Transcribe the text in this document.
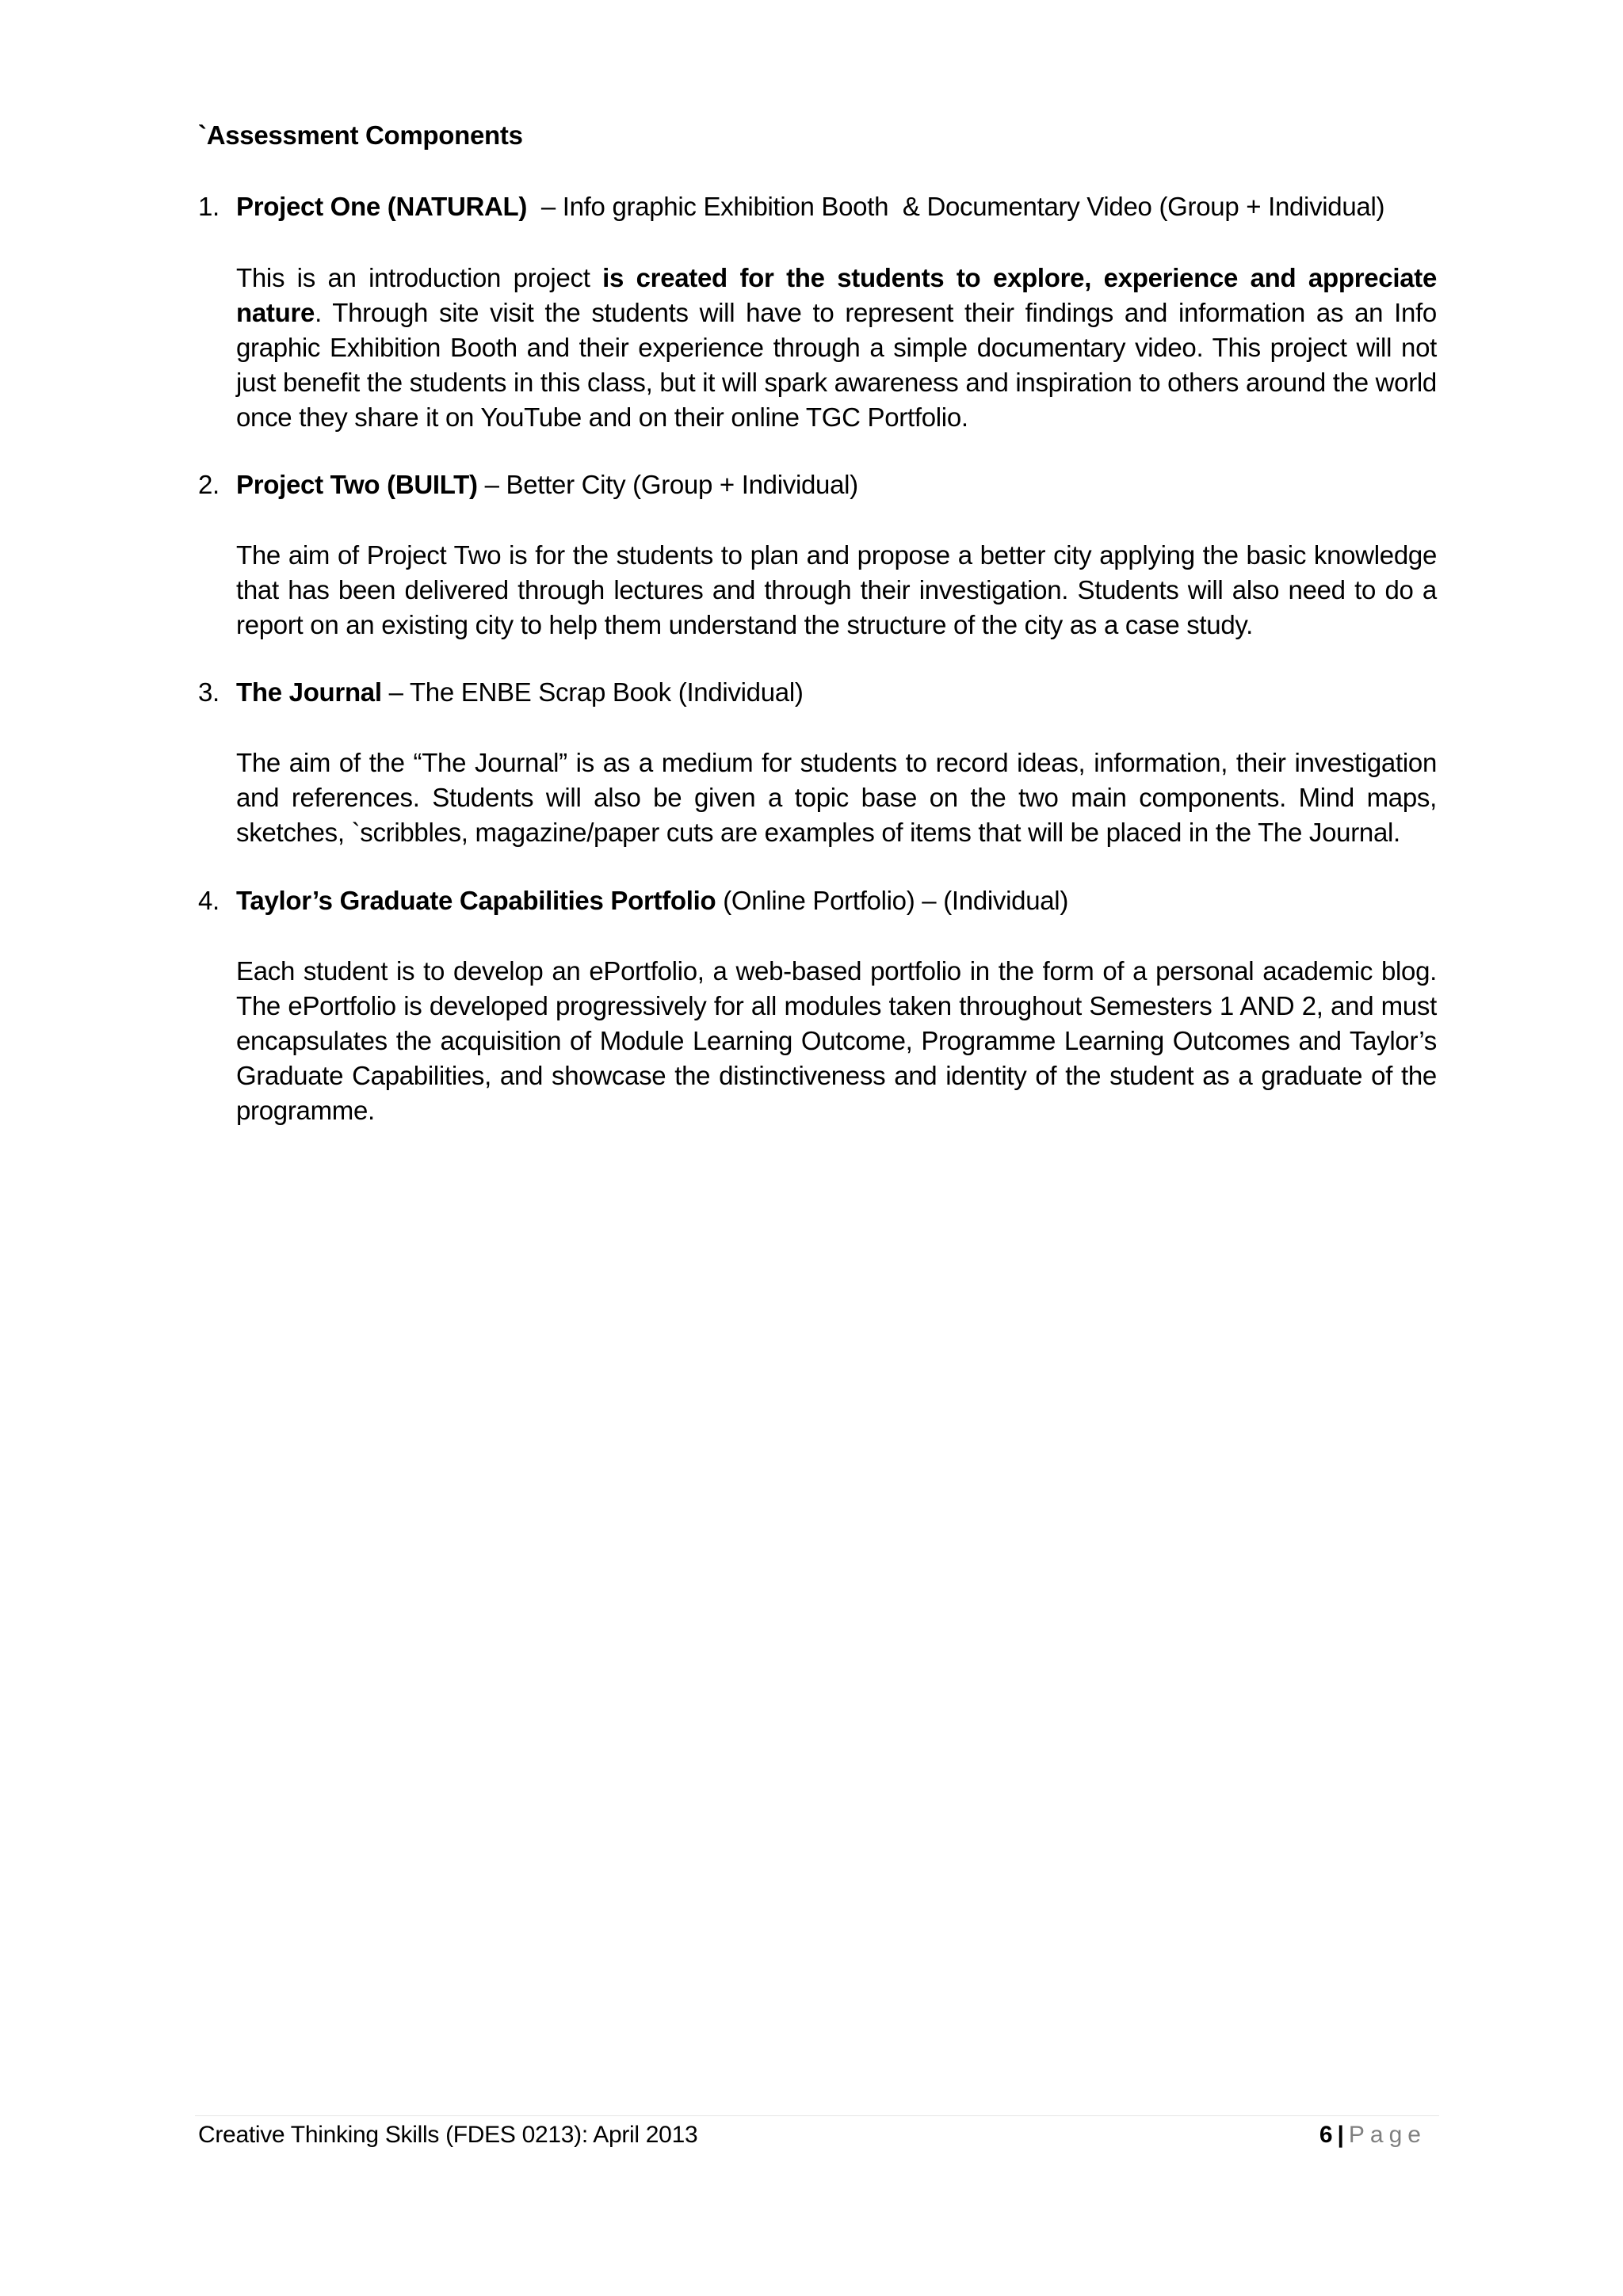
`Assessment Components
1. Project One (NATURAL)  – Info graphic Exhibition Booth  & Documentary Video (Group + Individual)
This is an introduction project is created for the students to explore, experience and appreciate nature. Through site visit the students will have to represent their findings and information as an Info graphic Exhibition Booth and their experience through a simple documentary video. This project will not just benefit the students in this class, but it will spark awareness and inspiration to others around the world once they share it on YouTube and on their online TGC Portfolio.
2. Project Two (BUILT) – Better City (Group + Individual)
The aim of Project Two is for the students to plan and propose a better city applying the basic knowledge that has been delivered through lectures and through their investigation. Students will also need to do a report on an existing city to help them understand the structure of the city as a case study.
3. The Journal – The ENBE Scrap Book (Individual)
The aim of the “The Journal” is as a medium for students to record ideas, information, their investigation and references. Students will also be given a topic base on the two main components. Mind maps, sketches, `scribbles, magazine/paper cuts are examples of items that will be placed in the The Journal.
4. Taylor’s Graduate Capabilities Portfolio (Online Portfolio) – (Individual)
Each student is to develop an ePortfolio, a web-based portfolio in the form of a personal academic blog. The ePortfolio is developed progressively for all modules taken throughout Semesters 1 AND 2, and must encapsulates the acquisition of Module Learning Outcome, Programme Learning Outcomes and Taylor’s Graduate Capabilities, and showcase the distinctiveness and identity of the student as a graduate of the programme.
Creative Thinking Skills (FDES 0213): April 2013	6 | Page
